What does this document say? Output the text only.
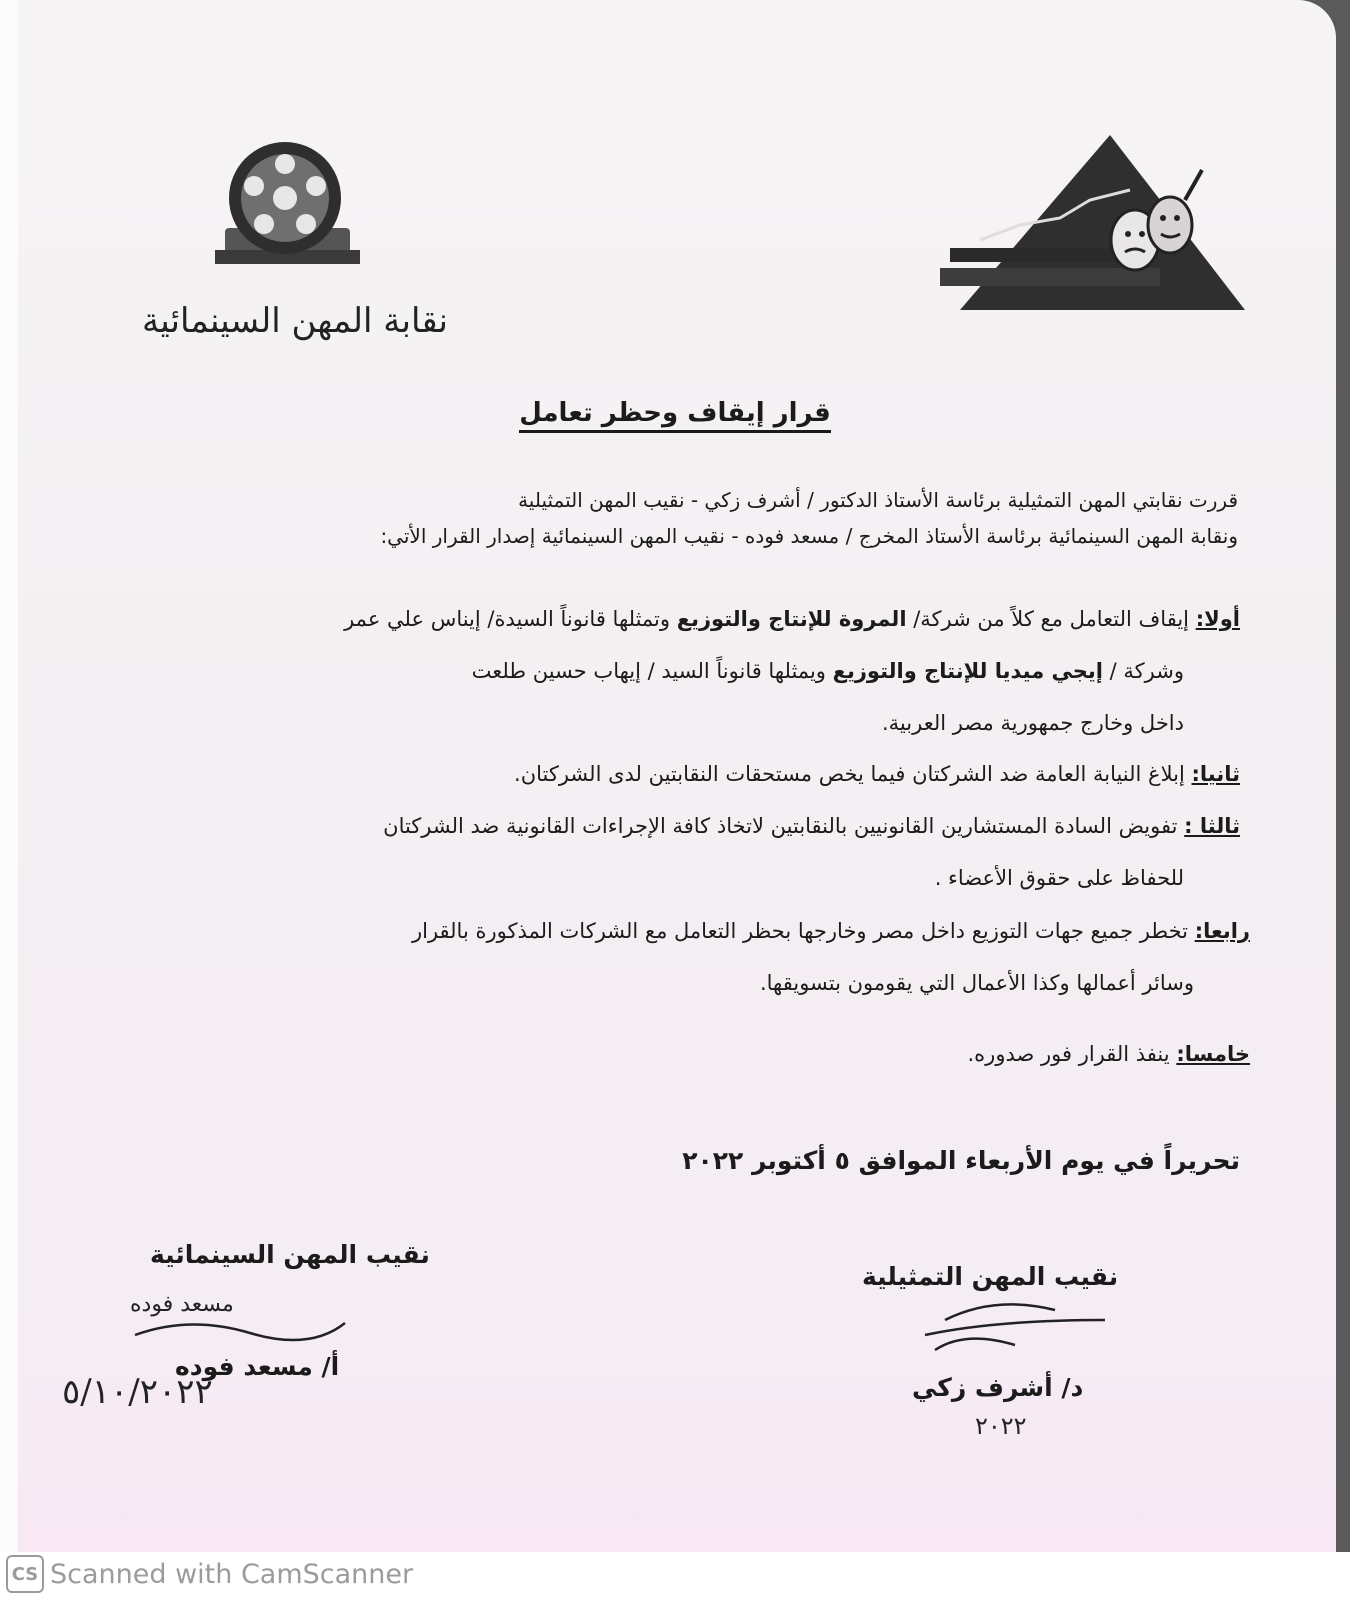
نقابة المهن السينمائية
قرار إيقاف وحظر تعامل
قررت نقابتي المهن التمثيلية برئاسة الأستاذ الدكتور / أشرف زكي - نقيب المهن التمثيلية
ونقابة المهن السينمائية برئاسة الأستاذ المخرج / مسعد فوده - نقيب المهن السينمائية إصدار القرار الأتي:
أولا: إيقاف التعامل مع كلاً من شركة/ المروة للإنتاج والتوزيع وتمثلها قانوناً السيدة/ إيناس علي عمر
وشركة / إيجي ميديا للإنتاج والتوزيع ويمثلها قانوناً السيد / إيهاب حسين طلعت
داخل وخارج جمهورية مصر العربية.
ثانيا: إبلاغ النيابة العامة ضد الشركتان فيما يخص مستحقات النقابتين لدى الشركتان.
ثالثا : تفويض السادة المستشارين القانونيين بالنقابتين لاتخاذ كافة الإجراءات القانونية ضد الشركتان
للحفاظ على حقوق الأعضاء .
رابعا: تخطر جميع جهات التوزيع داخل مصر وخارجها بحظر التعامل مع الشركات المذكورة بالقرار
وسائر أعمالها وكذا الأعمال التي يقومون بتسويقها.
خامسا: ينفذ القرار فور صدوره.
تحريراً في يوم الأربعاء الموافق ٥ أكتوبر ٢٠٢٢
نقيب المهن السينمائية
مسعد فوده
أ/ مسعد فوده
٥/١٠/٢٠٢٢
نقيب المهن التمثيلية
د/ أشرف زكي
٢٠٢٢
CS Scanned with CamScanner
